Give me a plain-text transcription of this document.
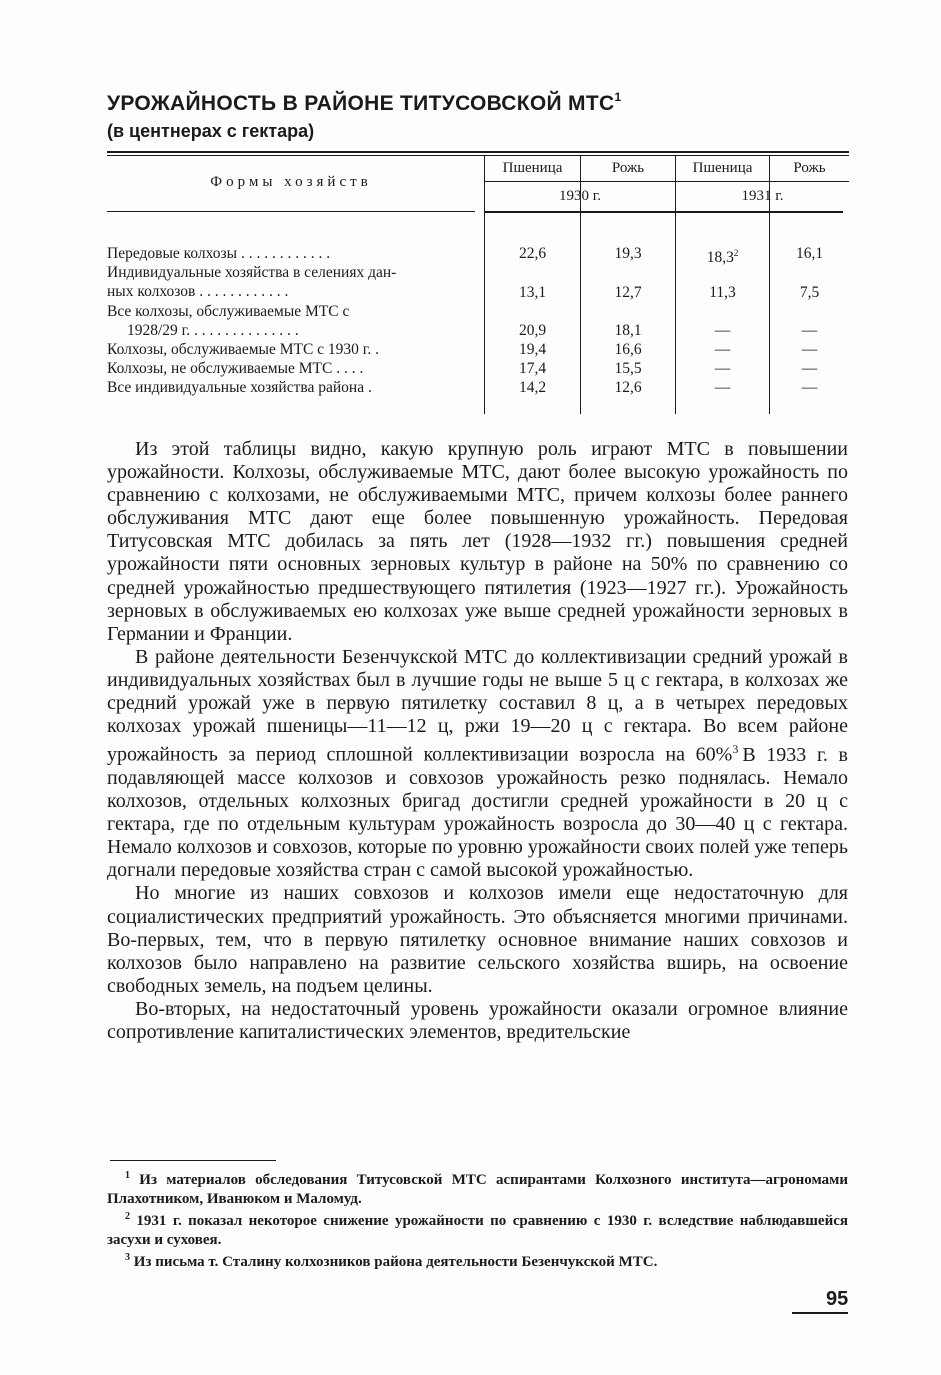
УРОЖАЙНОСТЬ В РАЙОНЕ ТИТУСОВСКОЙ МТС$^1$
(в центнерах с гектара)
Формы хозяйств
Пшеница	Рожь	Пшеница	Рожь
1930 г.	1931 г.
Передовые колхозы . . . . . . . . . . . .	22,6	19,3	18,3$^2$	16,1
Индивидуальные хозяйства в селениях дан-
ных колхозов . . . . . . . . . . . .	13,1	12,7	11,3	7,5
Все колхозы, обслуживаемые МТС с
1928/29 г. . . . . . . . . . . . . . .	20,9	18,1	—	—
Колхозы, обслуживаемые МТС с 1930 г. .	19,4	16,6	—	—
Колхозы, не обслуживаемые МТС . . . .	17,4	15,5	—	—
Все индивидуальные хозяйства района .	14,2	12,6	—	—

Из этой таблицы видно, какую крупную роль играют МТС в повышении урожайности. Колхозы, обслуживаемые МТС, дают более высокую урожайность по сравнению с колхозами, не обслуживаемыми МТС, причем колхозы более раннего обслуживания МТС дают еще более повышенную урожайность. Передовая Титусовская МТС добилась за пять лет (1928—1932 гг.) повышения средней урожайности пяти основных зерновых культур в районе на 50% по сравнению со средней урожайностью предшествующего пятилетия (1923—1927 гг.). Урожайность зерновых в обслуживаемых ею колхозах уже выше средней урожайности зерновых в Германии и Франции.

В районе деятельности Безенчукской МТС до коллективизации средний урожай в индивидуальных хозяйствах был в лучшие годы не выше 5 ц с гектара, в колхозах же средний урожай уже в первую пятилетку составил 8 ц, а в четырех передовых колхозах урожай пшеницы—11—12 ц, ржи 19—20 ц с гектара. Во всем районе урожайность за период сплошной коллективизации возросла на 60%$^3$ В 1933 г. в подавляющей массе колхозов и совхозов урожайность резко поднялась. Немало колхозов, отдельных колхозных бригад достигли средней урожайности в 20 ц с гектара, где по отдельным культурам урожайность возросла до 30—40 ц с гектара. Немало колхозов и совхозов, которые по уровню урожайности своих полей уже теперь догнали передовые хозяйства стран с самой высокой урожайностью.

Но многие из наших совхозов и колхозов имели еще недостаточную для социалистических предприятий урожайность. Это объясняется многими причинами. Во-первых, тем, что в первую пятилетку основное внимание наших совхозов и колхозов было направлено на развитие сельского хозяйства вширь, на освоение свободных земель, на подъем целины.

Во-вторых, на недостаточный уровень урожайности оказали огромное влияние сопротивление капиталистических элементов, вредительские

$^1$ Из материалов обследования Титусовской МТС аспирантами Колхозного института—агрономами Плахотником, Иванюком и Маломуд.

$^2$ 1931 г. показал некоторое снижение урожайности по сравнению с 1930 г. вследствие наблюдавшейся засухи и суховея.

$^3$ Из письма т. Сталину колхозников района деятельности Безенчукской МТС.

95
